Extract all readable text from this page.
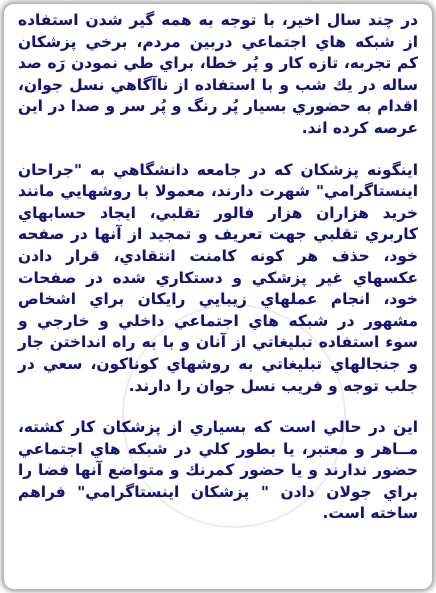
در چند سال اخير، با توجه به همه گير شدن استفاده از شبكه هاي اجتماعي دربين مردم، برخي پزشكان كم تجربه، تازه كار و پُر خطا، براي طي نمودن رَه صد ساله در يك شب و با استفاده از ناآگاهي نسل جوان، اقدام به حضوري بسيار پُر رنگ و پُر سر و صدا در اين عرصه كرده اند.

اينگونه پزشكان كه در جامعه دانشگاهي به "جراحان اينستاگرامي" شهرت دارند، معمولا با روشهايي مانند خريد هزاران هزار فالور تقلبي، ايجاد حسابهاي كاربري تقلبي جهت تعريف و تمجيد از آنها در صفحه خود، حذف هر كونه كامنت انتقادي، قرار دادن عكسهاي غير پزشكي و دستكاري شده در صفحات خود، انجام عملهاي زيبايي رايكان براي اشخاص مشهور در شبكه هاي اجتماعي داخلي و خارجي و سوء استفاده تبليغاتي از آنان و با به راه انداختن جار و جنجالهاي تبليغاتي به روشهاي كوناكون، سعي در جلب توجه و فريب نسل جوان را دارند.

اين در حالي است كه بسياري از پزشكان كار كشته، مــاهر و معتبر، يا بطور كلي در شبكه هاي اجتماعي حضور ندارند و يا حضور كمرنك و متواضع آنها فضا را براي جولان دادن " پزشكان اينستاگرامي" فراهم ساخته است.
